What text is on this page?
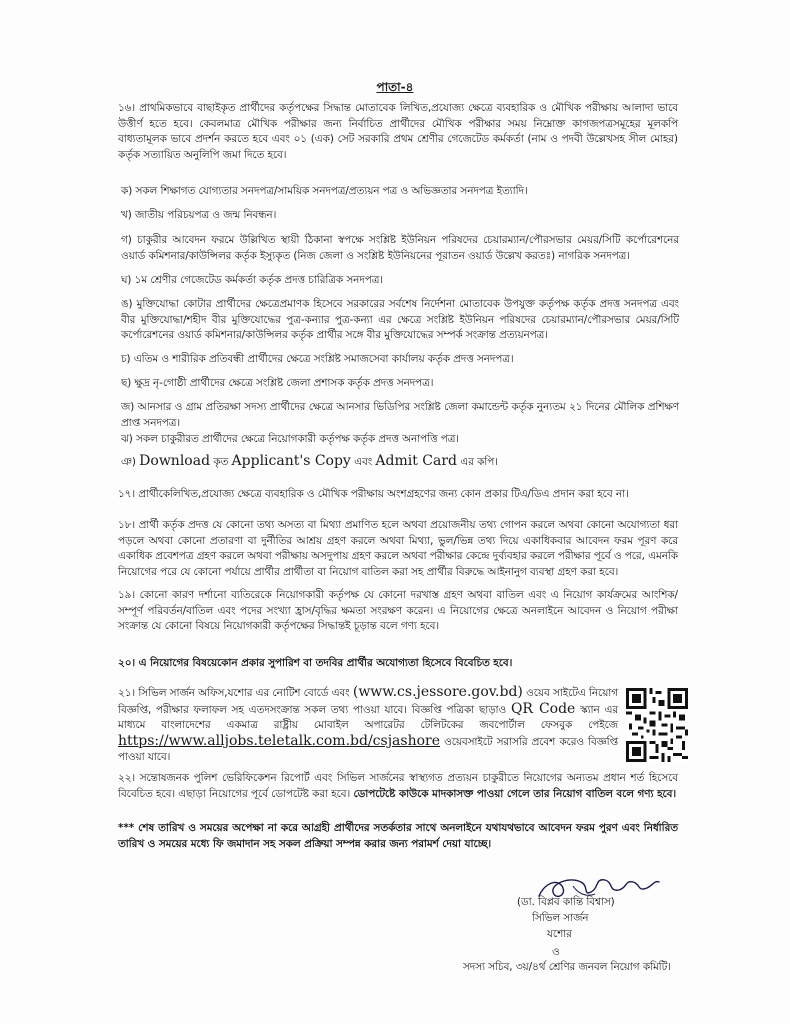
পাতা-৪

১৬। প্রাথমিকভাবে বাছাইকৃত প্রার্থীদের কর্তৃপক্ষের সিদ্ধান্ত মোতাবেক লিখিত,প্রযোজ্য ক্ষেত্রে ব্যবহারিক ও মৌখিক পরীক্ষায় আলাদা ভাবে উত্তীর্ণ হতে হবে। কেবলমাত্র মৌখিক পরীক্ষার জন্য নির্বাচিত প্রার্থীদের মৌখিক পরীক্ষার সময় নিম্নোক্ত কাগজপত্রসমূহের মূলকপি বাধ্যতামূলক ভাবে প্রদর্শন করতে হবে এবং ০১ (এক) সেট সরকারি প্রথম শ্রেণীর গেজেটেড কর্মকর্তা (নাম ও পদবী উল্লেখসহ সীল মোহর) কর্তৃক সত্যায়িত অনুলিপি জমা দিতে হবে।

ক) সকল শিক্ষাগত যোগ্যতার সনদপত্র/সাময়িক সনদপত্র/প্রত্যয়ন পত্র ও অভিজ্ঞতার সনদপত্র ইত্যাদি।

খ) জাতীয় পরিচয়পত্র ও জন্ম নিবন্ধন।

গ) চাকুরীর আবেদন ফরমে উল্লিখিত স্থায়ী ঠিকানা স্বপক্ষে সংশ্লিষ্ট ইউনিয়ন পরিষদের চেয়ারম্যান/পৌরসভার মেয়র/সিটি কর্পোরেশনের ওয়ার্ড কমিশনার/কাউন্সিলর কর্তৃক ইস্যুকৃত (নিজ জেলা ও সংশ্লিষ্ট ইউনিয়নের পূরাতন ওয়ার্ড উল্লেখ করতঃ) নাগরিক সনদপত্র।

ঘ) ১ম শ্রেণীর গেজেটেড কর্মকর্তা কর্তৃক প্রদত্ত চারিত্রিক সনদপত্র।

ঙ) মুক্তিযোদ্ধা কোটার প্রার্থীদের ক্ষেত্রেপ্রমাণক হিসেবে সরকারের সর্বশেষ নির্দেশনা মোতাবেক উপযুক্ত কর্তৃপক্ষ কর্তৃক প্রদত্ত সনদপত্র এবং বীর মুক্তিযোদ্ধা/শহীদ বীর মুক্তিযোদ্ধের পুত্র-কন্যার পুত্র-কন্যা এর ক্ষেত্রে সংশ্লিষ্ট ইউনিয়ন পরিষদের চেয়ারম্যান/পৌরসভার মেয়র/সিটি কর্পোরেশনের ওয়ার্ড কমিশনার/কাউন্সিলর কর্তৃক প্রার্থীর সঙ্গে বীর মুক্তিযোদ্ধের সম্পর্ক সংক্রান্ত প্রত্যয়নপত্র।

চ) এতিম ও শারীরিক প্রতিবন্ধী প্রার্থীদের ক্ষেত্রে সংশ্লিষ্ট সমাজসেবা কার্যালয় কর্তৃক প্রদত্ত সনদপত্র।

ছ) ক্ষুদ্র নৃ-গোষ্ঠী প্রার্থীদের ক্ষেত্রে সংশ্লিষ্ট জেলা প্রশাসক কর্তৃক প্রদত্ত সনদপত্র।

জ) আনসার ও গ্রাম প্রতিরক্ষা সদস্য প্রার্থীদের ক্ষেত্রে আনসার ভিডিপির সংশ্লিষ্ট জেলা কমান্ডেন্ট কর্তৃক নুন্যতম ২১ দিনের মৌলিক প্রশিক্ষণ প্রাপ্ত সনদপত্র।

ঝ) সকল চাকুরীরত প্রার্থীদের ক্ষেত্রে নিয়োগকারী কর্তৃপক্ষ কর্তৃক প্রদত্ত অনাপত্তি পত্র।

ঞ) Download কৃত Applicant's Copy এবং Admit Card এর কপি।

১৭। প্রার্থীকেলিখিত,প্রযোজ্য ক্ষেত্রে ব্যবহারিক ও মৌখিক পরীক্ষায় অংশগ্রহণের জন্য কোন প্রকার টিএ/ডিএ প্রদান করা হবে না।

১৮। প্রার্থী কর্তৃক প্রদত্ত যে কোনো তথ্য অসত্য বা মিথ্যা প্রমাণিত হলে অথবা প্রয়োজনীয় তথ্য গোপন করলে অথবা কোনো অযোগ্যতা ধরা পড়লে অথবা কোনো প্রতারণা বা দুর্নীতির আশ্রয় গ্রহণ করলে অথবা মিথ্যা, ভুল/ভিন্ন তথ্য দিয়ে একাধিকবার আবেদন ফরম পূরণ করে একাধিক প্রবেশপত্র গ্রহণ করলে অথবা পরীক্ষায় অসদুপায় গ্রহণ করলে অথবা পরীক্ষার কেন্দ্রে দুর্ব্যবহার করলে পরীক্ষার পূর্বে ও পরে, এমনকি নিয়োগের পরে যে কোনো পর্যায়ে প্রার্থীর প্রার্থীতা বা নিয়োগ বাতিল করা সহ প্রার্থীর বিরুদ্ধে আইনানুগ ব্যবস্থা গ্রহণ করা হবে।

১৯। কোনো কারণ দর্শানো ব্যতিরেকে নিয়োগকারী কর্তৃপক্ষ যে কোনো দরখাস্ত গ্রহণ অথবা বাতিল এবং এ নিয়োগ কার্যক্রমের আংশিক/সম্পূর্ণ পরিবর্তন/বাতিল এবং পদের সংখ্যা হ্রাস/বৃদ্ধির ক্ষমতা সংরক্ষণ করেন। এ নিয়োগের ক্ষেত্রে অনলাইনে আবেদন ও নিয়োগ পরীক্ষা সংক্রান্ত যে কোনো বিষয়ে নিয়োগকারী কর্তৃপক্ষের সিদ্ধান্তই চূড়ান্ত বলে গণ্য হবে।

২০। এ নিয়োগের বিষয়েকোন প্রকার সুপারিশ বা তদবির প্রার্থীর অযোগ্যতা হিসেবে বিবেচিত হবে।

২১। সিভিল সার্জন অফিস,যশোর এর নোটিশ বোর্ডে এবং (www.cs.jessore.gov.bd) ওয়েব সাইটেএ নিয়োগ বিজ্ঞপ্তি, পরীক্ষার ফলাফল সহ এতদসংক্রান্ত সকল তথ্য পাওয়া যাবে। বিজ্ঞপ্তি পত্রিকা ছাড়াও QR Code স্ক্যান এর মাধ্যমে বাংলাদেশের একমাত্র রাষ্ট্রীয় মোবাইল অপারেটর টেলিটকের জবপোর্টাল ফেসবুক পেইজে https://www.alljobs.teletalk.com.bd/csjashore ওয়েবসাইটে সরাসরি প্রবেশ করেও বিজ্ঞপ্তি পাওয়া যাবে।

২২। সন্তোষজনক পুলিশ ভেরিফিকেশন রিপোর্ট এবং সিভিল সার্জনের স্বাস্থ্যগত প্রত্যয়ন চাকুরীতে নিয়োগের অন্যতম প্রধান শর্ত হিসেবে বিবেচিত হবে। এছাড়া নিয়োগের পূর্বে ডোপটেষ্ট করা হবে। ডোপটেষ্টে কাউকে মাদকাসক্ত পাওয়া গেলে তার নিয়োগ বাতিল বলে গণ্য হবে।

*** শেষ তারিখ ও সময়ের অপেক্ষা না করে আগ্রহী প্রার্থীদের সতর্কতার সাথে অনলাইনে যথাযথভাবে আবেদন ফরম পুরণ এবং নির্ধারিত তারিখ ও সময়ের মধ্যে ফি জমাদান সহ সকল প্রক্রিয়া সম্পন্ন করার জন্য পরামর্শ দেয়া যাচ্ছে।

(ডা. বিপ্লব কান্তি বিশ্বাস)
সিভিল সার্জন
যশোর
ও
সদস্য সচিব, ৩য়/৪র্থ শ্রেণির জনবল নিয়োগ কমিটি।
